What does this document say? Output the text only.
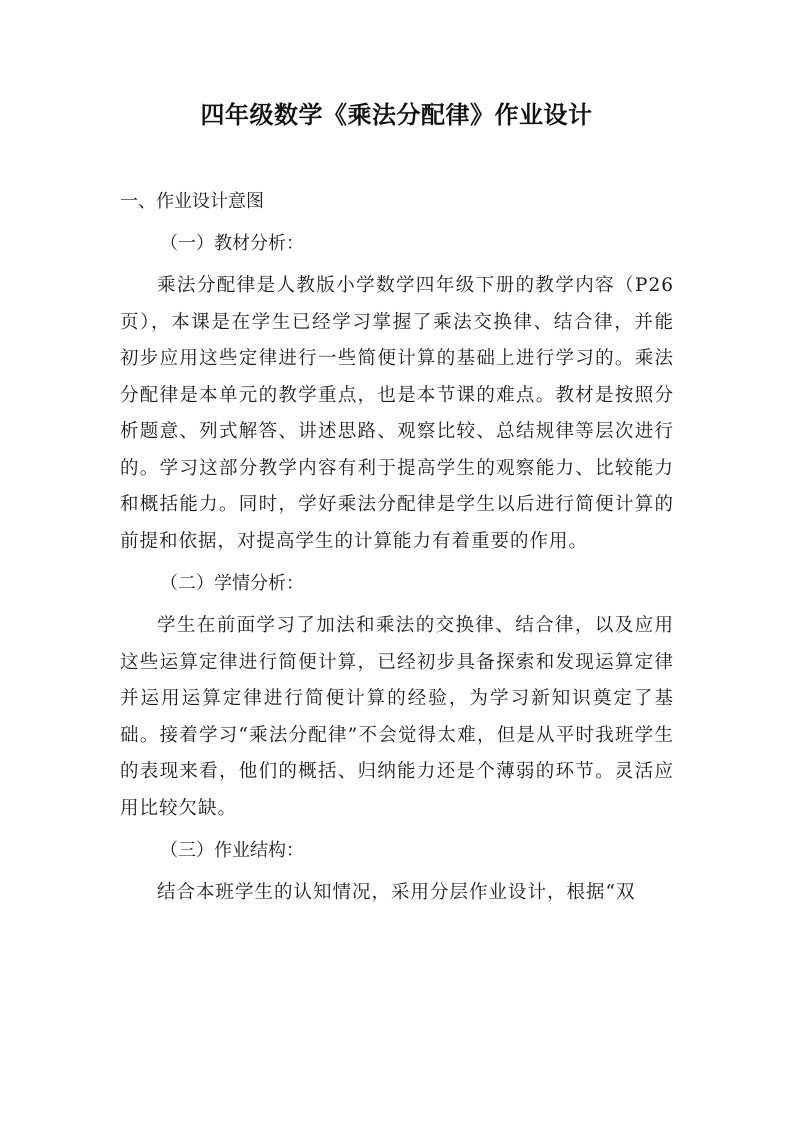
四年级数学《乘法分配律》作业设计
一、作业设计意图
（一）教材分析：
乘法分配律是人教版小学数学四年级下册的教学内容（P26页），本课是在学生已经学习掌握了乘法交换律、结合律，并能初步应用这些定律进行一些简便计算的基础上进行学习的。乘法分配律是本单元的教学重点，也是本节课的难点。教材是按照分析题意、列式解答、讲述思路、观察比较、总结规律等层次进行的。学习这部分教学内容有利于提高学生的观察能力、比较能力和概括能力。同时，学好乘法分配律是学生以后进行简便计算的前提和依据，对提高学生的计算能力有着重要的作用。
（二）学情分析：
学生在前面学习了加法和乘法的交换律、结合律，以及应用这些运算定律进行简便计算，已经初步具备探索和发现运算定律并运用运算定律进行简便计算的经验，为学习新知识奠定了基础。接着学习“乘法分配律”不会觉得太难，但是从平时我班学生的表现来看，他们的概括、归纳能力还是个薄弱的环节。灵活应用比较欠缺。
（三）作业结构：
结合本班学生的认知情况，采用分层作业设计，根据“双
